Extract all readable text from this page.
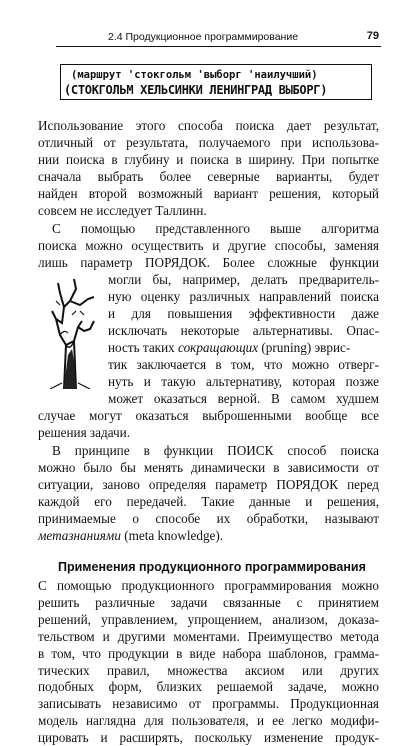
2.4 Продукционное программирование	79
(маршрут 'стокгольм 'выборг 'наилучший)
(СТОКГОЛЬМ ХЕЛЬСИНКИ ЛЕНИНГРАД ВЫБОРГ)
Использование этого способа поиска дает результат,
отличный от результата, получаемого при использова-
нии поиска в глубину и поиска в ширину. При попытке
сначала выбрать более северные варианты, будет
найден второй возможный вариант решения, который
совсем не исследует Таллинн.
С помощью представленного выше алгоритма
поиска можно осуществить и другие способы, заменяя
лишь параметр ПОРЯДОК. Более сложные функции
могли бы, например, делать предваритель-
ную оценку различных направлений поиска
и для повышения эффективности даже
исключать некоторые альтернативы. Опас-
ность таких сокращающих (pruning) эврис-
тик заключается в том, что можно отверг-
нуть и такую альтернативу, которая позже
может оказаться верной. В самом худшем
случае могут оказаться выброшенными вообще все
решения задачи.
В принципе в функции ПОИСК способ поиска
можно было бы менять динамически в зависимости от
ситуации, заново определяя параметр ПОРЯДОК перед
каждой его передачей. Такие данные и решения,
принимаемые о способе их обработки, называют
метазнаниями (meta knowledge).
Применения продукционного программирования
С помощью продукционного программирования можно
решить различные задачи связанные с принятием
решений, управлением, упрощением, анализом, доказа-
тельством и другими моментами. Преимущество метода
в том, что продукции в виде набора шаблонов, грамма-
тических правил, множества аксиом или других
подобных форм, близких решаемой задаче, можно
записывать независимо от программы. Продукционная
модель наглядна для пользователя, и ее легко модифи-
цировать и расширять, поскольку изменение продук-
